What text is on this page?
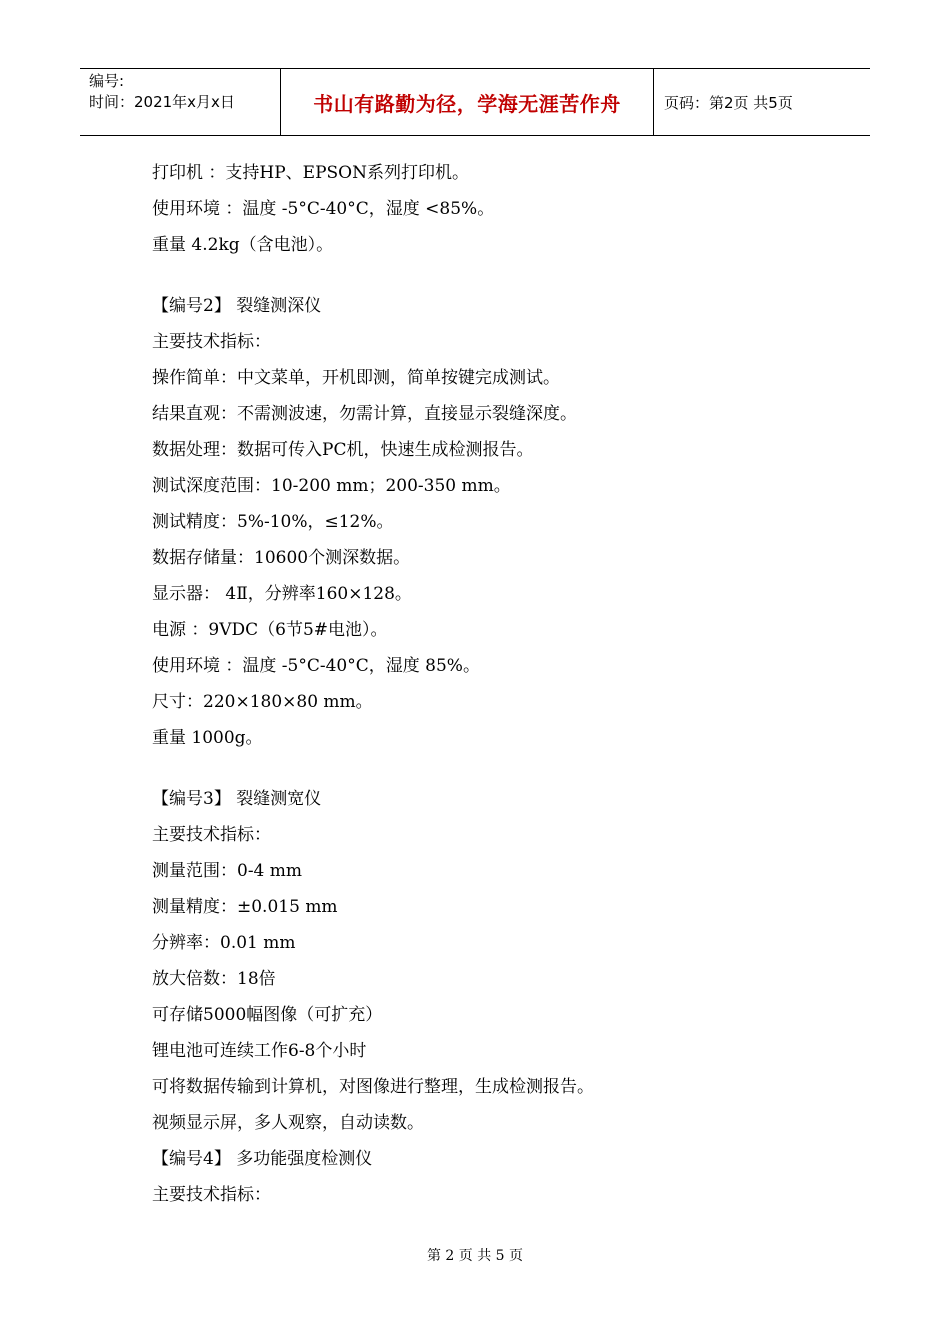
编号:
时间：2021年x月x日	书山有路勤为径，学海无涯苦作舟	页码：第2页 共5页
打印机 ：支持HP、EPSON系列打印机。
使用环境 ：温度 -5°C-40°C，湿度 <85%。
重量 4.2kg（含电池）。
【编号2】 裂缝测深仪
主要技术指标：
操作简单：中文菜单，开机即测，简单按键完成测试。
结果直观：不需测波速，勿需计算，直接显示裂缝深度。
数据处理：数据可传入PC机，快速生成检测报告。
测试深度范围：10-200 mm；200-350 mm。
测试精度：5%-10%，≤12%。
数据存储量：10600个测深数据。
显示器： 4Ⅱ，分辨率160×128。
电源 ：9VDC（6节5#电池）。
使用环境 ：温度 -5°C-40°C，湿度 85%。
尺寸：220×180×80 mm。
重量 1000g。
【编号3】 裂缝测宽仪
主要技术指标：
测量范围：0-4 mm
测量精度：±0.015 mm
分辨率：0.01 mm
放大倍数：18倍
可存储5000幅图像（可扩充）
锂电池可连续工作6-8个小时
可将数据传输到计算机，对图像进行整理，生成检测报告。
视频显示屏，多人观察，自动读数。
【编号4】 多功能强度检测仪
主要技术指标：
第 2 页 共 5 页
